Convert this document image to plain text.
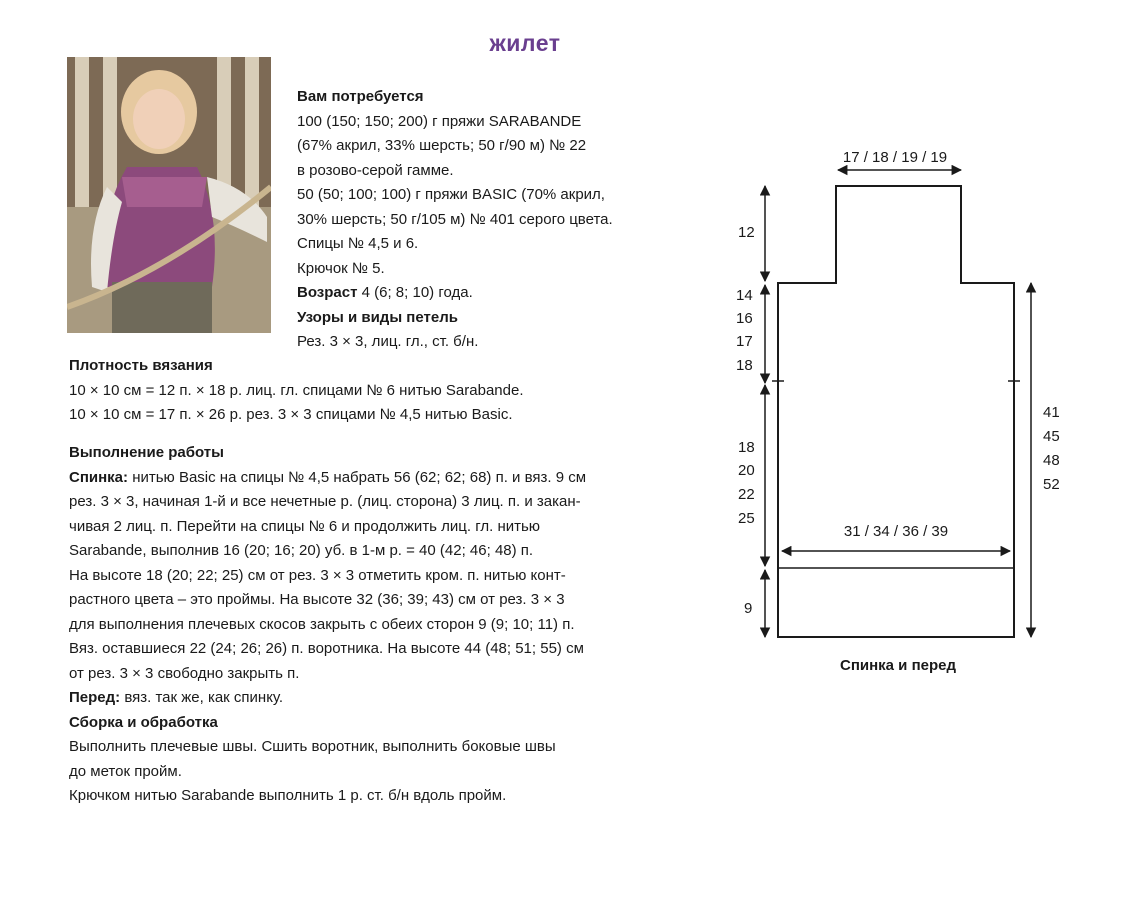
жилет
Вам потребуется
100 (150; 150; 200) г пряжи SARABANDE
(67% акрил, 33% шерсть; 50 г/90 м) № 22
в розово-серой гамме.
50 (50; 100; 100) г пряжи BASIC (70% акрил,
30% шерсть; 50 г/105 м) № 401 серого цвета.
Спицы № 4,5 и 6.
Крючок № 5.
Возраст 4 (6; 8; 10) года.
Узоры и виды петель
Рез. 3 × 3, лиц. гл., ст. б/н.
Плотность вязания
10 × 10 см = 12 п. × 18 р. лиц. гл. спицами № 6 нитью Sarabande.
10 × 10 см = 17 п. × 26 р. рез. 3 × 3 спицами № 4,5 нитью Basic.
Выполнение работы
Спинка: нитью Basic на спицы № 4,5 набрать 56 (62; 62; 68) п. и вяз. 9 см
рез. 3 × 3, начиная 1-й и все нечетные р. (лиц. сторона) 3 лиц. п. и закан-
чивая 2 лиц. п. Перейти на спицы № 6 и продолжить лиц. гл. нитью
Sarabande, выполнив 16 (20; 16; 20) уб. в 1-м р. = 40 (42; 46; 48) п.
На высоте 18 (20; 22; 25) см от рез. 3 × 3 отметить кром. п. нитью конт-
растного цвета – это проймы. На высоте 32 (36; 39; 43) см от рез. 3 × 3
для выполнения плечевых скосов закрыть с обеих сторон 9 (9; 10; 11) п.
Вяз. оставшиеся 22 (24; 26; 26) п. воротника. На высоте 44 (48; 51; 55) см
от рез. 3 × 3 свободно закрыть п.
Перед: вяз. так же, как спинку.
Сборка и обработка
Выполнить плечевые швы. Сшить воротник, выполнить боковые швы
до меток пройм.
Крючком нитью Sarabande выполнить 1 р. ст. б/н вдоль пройм.
17 / 18 / 19 / 19
12
14
16
17
18
18
20
22
25
9
41
45
48
52
31 / 34 / 36 / 39
Спинка и перед
